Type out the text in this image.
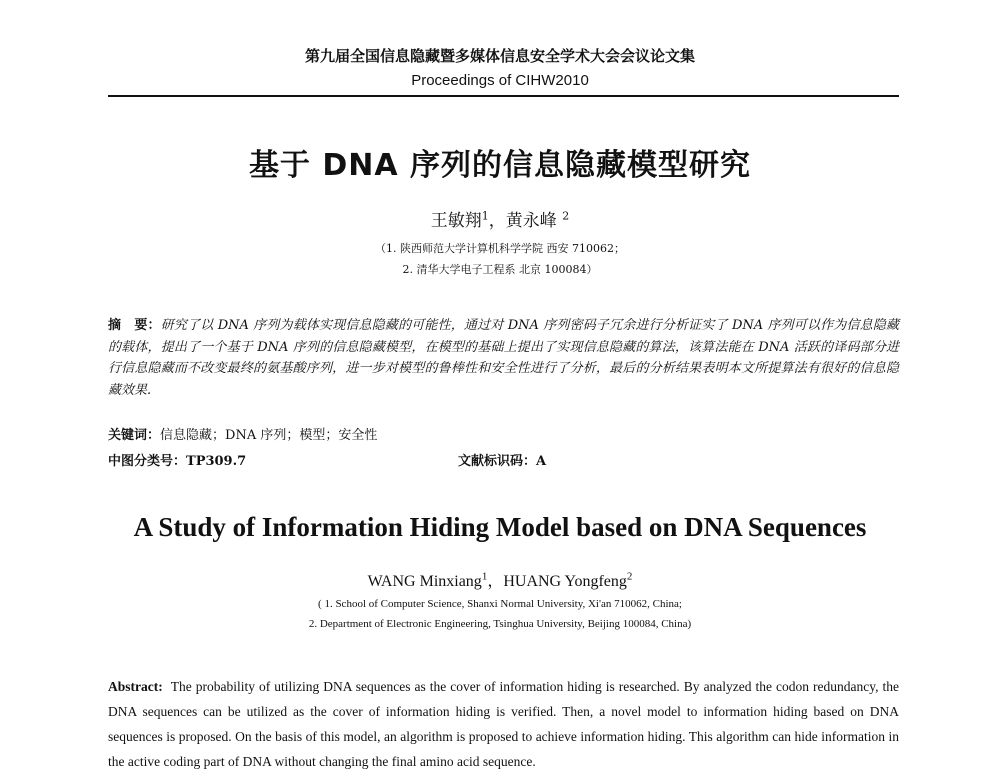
第九届全国信息隐藏暨多媒体信息安全学术大会会议论文集
Proceedings of CIHW2010
基于 DNA 序列的信息隐藏模型研究
王敏翔$^1$，黄永峰 $^2$
（1. 陕西师范大学计算机科学学院 西安 710062；
2. 清华大学电子工程系 北京 100084）
摘　要：研究了以 DNA 序列为载体实现信息隐藏的可能性，通过对 DNA 序列密码子冗余进行分析证实了 DNA 序列可以作为信息隐藏的载体，提出了一个基于 DNA 序列的信息隐藏模型，在模型的基础上提出了实现信息隐藏的算法，该算法能在 DNA 活跃的译码部分进行信息隐藏而不改变最终的氨基酸序列，进一步对模型的鲁棒性和安全性进行了分析，最后的分析结果表明本文所提算法有很好的信息隐藏效果.
关键词：信息隐藏；DNA 序列；模型；安全性
中图分类号：TP309.7	文献标识码：A
A Study of Information Hiding Model based on DNA Sequences
WANG Minxiang$^1$，HUANG Yongfeng$^2$
( 1. School of Computer Science, Shanxi Normal University, Xi'an 710062, China;
2. Department of Electronic Engineering, Tsinghua University, Beijing 100084, China)
Abstract: The probability of utilizing DNA sequences as the cover of information hiding is researched. By analyzed the codon redundancy, the DNA sequences can be utilized as the cover of information hiding is verified. Then, a novel model to information hiding based on DNA sequences is proposed. On the basis of this model, an algorithm is proposed to achieve information hiding. This algorithm can hide information in the active coding part of DNA without changing the final amino acid sequence.
